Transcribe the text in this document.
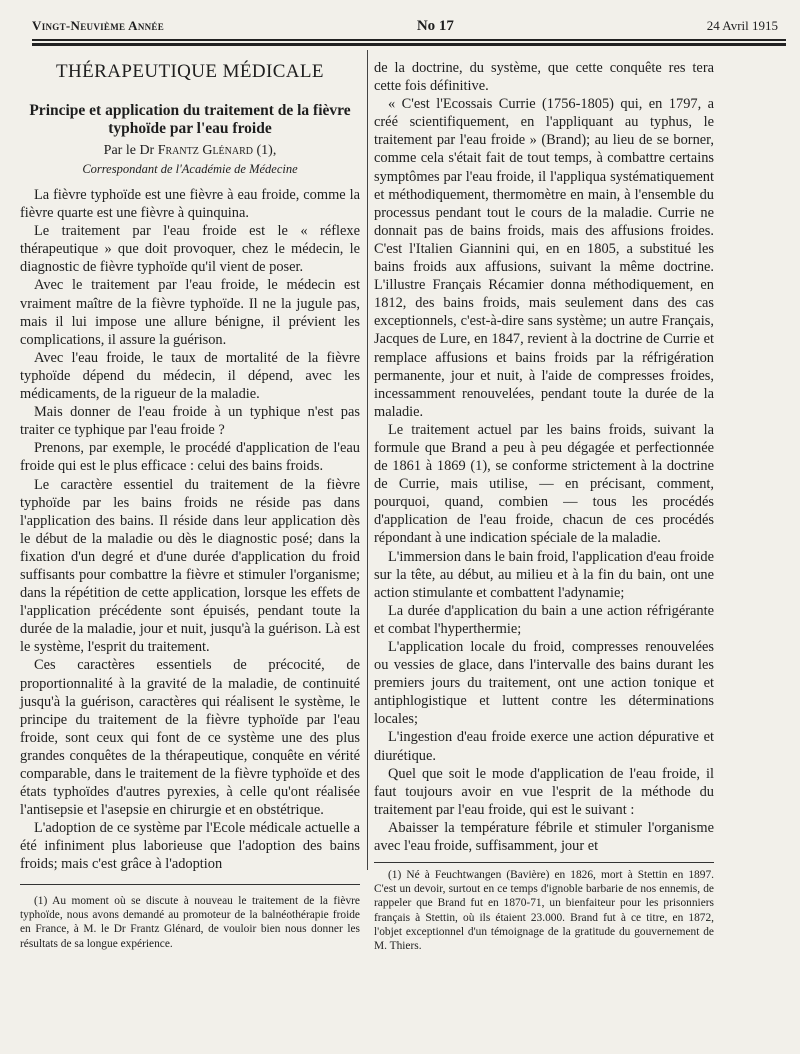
Vingt-Neuvième Année	No 17	24 Avril 1915
THÉRAPEUTIQUE MÉDICALE
Principe et application du traitement de la fièvre
typhoïde par l'eau froide
Par le Dr Frantz Glénard (1),
Correspondant de l'Académie de Médecine

La fièvre typhoïde est une fièvre à eau froide, comme la fièvre quarte est une fièvre à quinquina.

Le traitement par l'eau froide est le « réflexe thérapeutique » que doit provoquer, chez le médecin, le diagnostic de fièvre typhoïde qu'il vient de poser.

Avec le traitement par l'eau froide, le médecin est vraiment maître de la fièvre typhoïde. Il ne la jugule pas, mais il lui impose une allure bénigne, il prévient les complications, il assure la guérison.

Avec l'eau froide, le taux de mortalité de la fièvre typhoïde dépend du médecin, il dépend, avec les médicaments, de la rigueur de la maladie.

Mais donner de l'eau froide à un typhique n'est pas traiter ce typhique par l'eau froide ?

Prenons, par exemple, le procédé d'application de l'eau froide qui est le plus efficace : celui des bains froids.

Le caractère essentiel du traitement de la fièvre typhoïde par les bains froids ne réside pas dans l'application des bains. Il réside dans leur application dès le début de la maladie ou dès le diagnostic posé; dans la fixation d'un degré et d'une durée d'application du froid suffisants pour combattre la fièvre et stimuler l'organisme; dans la répétition de cette application, lorsque les effets de l'application précédente sont épuisés, pendant toute la durée de la maladie, jour et nuit, jusqu'à la guérison. Là est le système, l'esprit du traitement.

Ces caractères essentiels de précocité, de proportionnalité à la gravité de la maladie, de continuité jusqu'à la guérison, caractères qui réalisent le système, le principe du traitement de la fièvre typhoïde par l'eau froide, sont ceux qui font de ce système une des plus grandes conquêtes de la thérapeutique, conquête en vérité comparable, dans le traitement de la fièvre typhoïde et des états typhoïdes d'autres pyrexies, à celle qu'ont réalisée l'antisepsie et l'asepsie en chirurgie et en obstétrique.

L'adoption de ce système par l'Ecole médicale actuelle a été infiniment plus laborieuse que l'adoption des bains froids; mais c'est grâce à l'adoption

(1) Au moment où se discute à nouveau le traitement de la fièvre typhoïde, nous avons demandé au promoteur de la balnéothérapie froide en France, à M. le Dr Frantz Glénard, de vouloir bien nous donner les résultats de sa longue expérience.

de la doctrine, du système, que cette conquête res tera cette fois définitive.

« C'est l'Ecossais Currie (1756-1805) qui, en 1797, a créé scientifiquement, en l'appliquant au typhus, le traitement par l'eau froide » (Brand); au lieu de se borner, comme cela s'était fait de tout temps, à combattre certains symptômes par l'eau froide, il l'appliqua systématiquement et méthodiquement, thermomètre en main, à l'ensemble du processus pendant tout le cours de la maladie. Currie ne donnait pas de bains froids, mais des affusions froides. C'est l'Italien Giannini qui, en en 1805, a substitué les bains froids aux affusions, suivant la même doctrine. L'illustre Français Récamier donna méthodiquement, en 1812, des bains froids, mais seulement dans des cas exceptionnels, c'est-à-dire sans système; un autre Français, Jacques de Lure, en 1847, revient à la doctrine de Currie et remplace affusions et bains froids par la réfrigération permanente, jour et nuit, à l'aide de compresses froides, incessamment renouvelées, pendant toute la durée de la maladie.

Le traitement actuel par les bains froids, suivant la formule que Brand a peu à peu dégagée et perfectionnée de 1861 à 1869 (1), se conforme strictement à la doctrine de Currie, mais utilise, — en précisant, comment, pourquoi, quand, combien — tous les procédés d'application de l'eau froide, chacun de ces procédés répondant à une indication spéciale de la maladie.

L'immersion dans le bain froid, l'application d'eau froide sur la tête, au début, au milieu et à la fin du bain, ont une action stimulante et combattent l'adynamie;

La durée d'application du bain a une action réfrigérante et combat l'hyperthermie;

L'application locale du froid, compresses renouvelées ou vessies de glace, dans l'intervalle des bains durant les premiers jours du traitement, ont une action tonique et antiphlogistique et luttent contre les déterminations locales;

L'ingestion d'eau froide exerce une action dépurative et diurétique.

Quel que soit le mode d'application de l'eau froide, il faut toujours avoir en vue l'esprit de la méthode du traitement par l'eau froide, qui est le suivant :

Abaisser la température fébrile et stimuler l'organisme avec l'eau froide, suffisamment, jour et

(1) Né à Feuchtwangen (Bavière) en 1826, mort à Stettin en 1897. C'est un devoir, surtout en ce temps d'ignoble barbarie de nos ennemis, de rappeler que Brand fut en 1870-71, un bienfaiteur pour les prisonniers français à Stettin, où ils étaient 23.000. Brand fut à ce titre, en 1872, l'objet exceptionnel d'un témoignage de la gratitude du gouvernement de M. Thiers.
